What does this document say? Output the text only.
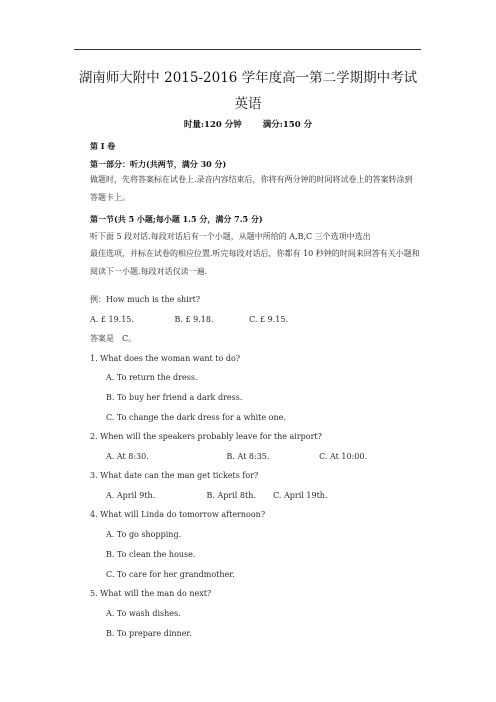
湖南师大附中 2015-2016 学年度高一第二学期期中考试
英语
时量:120 分钟 满分:150 分
第 I 卷
第一部分：听力(共两节，满分 30 分)
做题时，先将答案标在试卷上.录音内容结束后，你将有两分钟的时间将试卷上的答案转涂到答题卡上。
第一节(共 5 小题;每小题 1.5 分，满分 7.5 分)
听下面 5 段对话.每段对话后有一个小题，从题中所给的 A,B,C 三个选项中选出
最佳选项，并标在试卷的相应位置.听完每段对话后，你都有 10 秒钟的时间来回答有关小题和阅读下一小题.每段对话仅读一遍.
例：How much is the shirt?
A. £ 19.15.	B. £ 9.18.	C. £ 9.15.
答案是　C。
1. What does the woman want to do?
A. To return the dress.
B. To buy her friend a dark dress.
C. To change the dark dress for a white one.
2. When will the speakers probably leave for the airport?
A. At 8:30.	B. At 8:35.	C. At 10:00.
3. What date can the man get tickets for?
A. April 9th.	B. April 8th. C. April 19th.
4. What will Linda do tomorrow afternoon?
A. To go shopping.
B. To clean the house.
C. To care for her grandmother.
5. What will the man do next?
A. To wash dishes.
B. To prepare dinner.
